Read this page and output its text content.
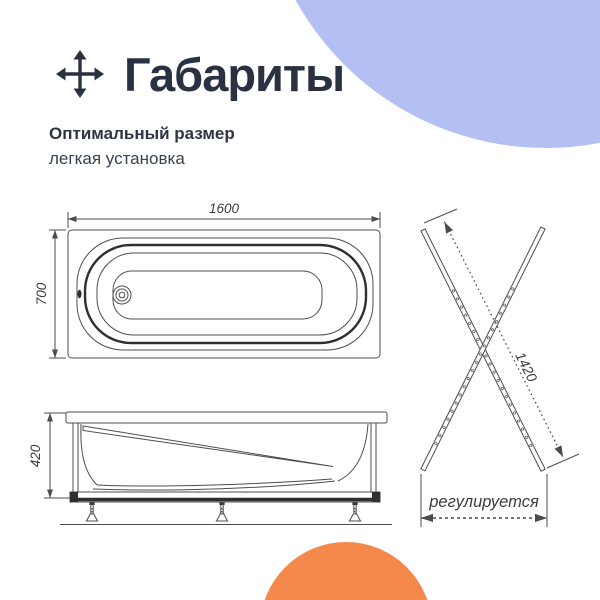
1600
700
420
1420
регулируется
Габариты
Оптимальный размер
легкая установка
